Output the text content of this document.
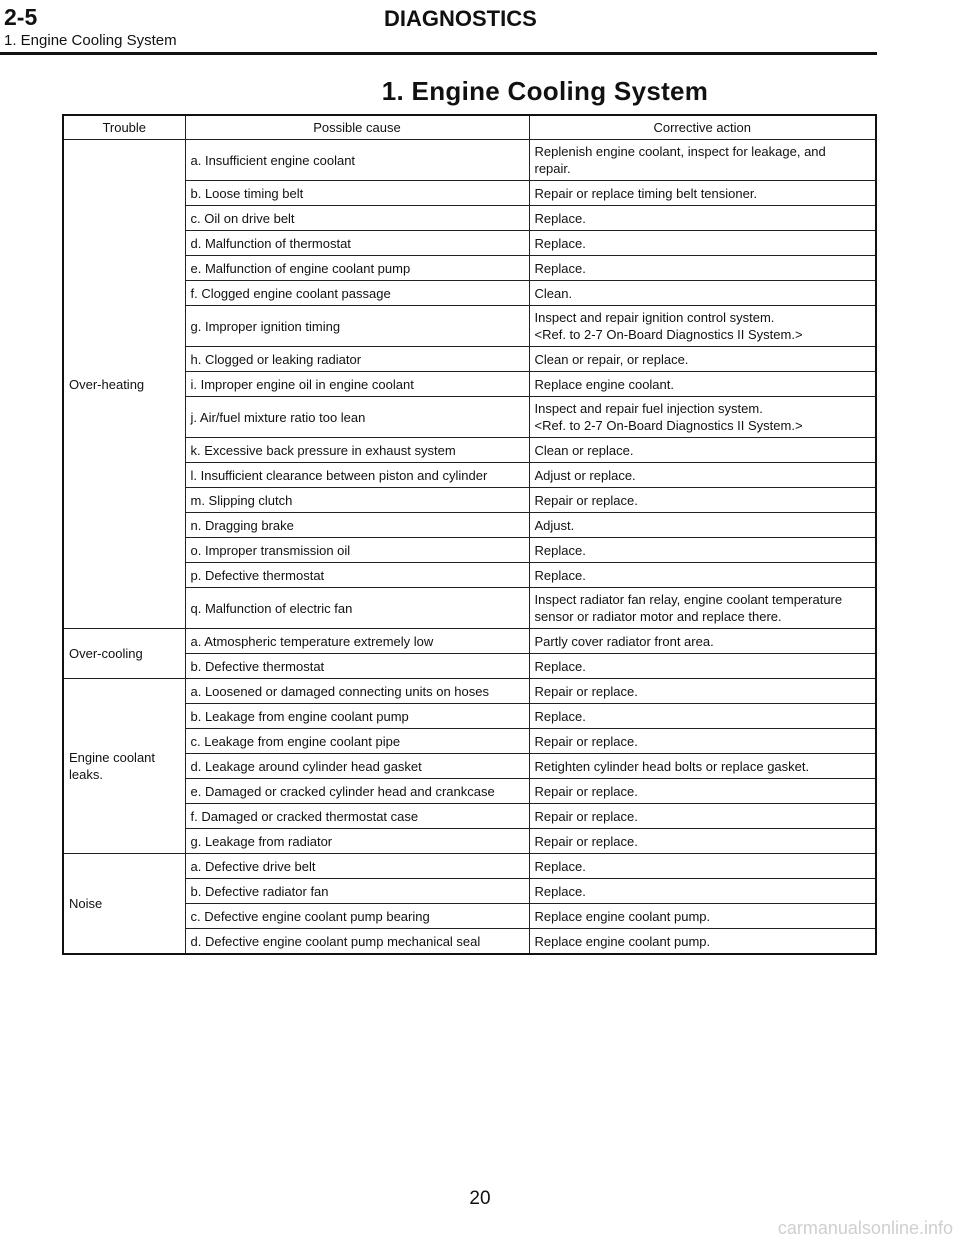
2-5	DIAGNOSTICS
1. Engine Cooling System
1. Engine Cooling System
Trouble	Possible cause	Corrective action
Over-heating	a. Insufficient engine coolant	Replenish engine coolant, inspect for leakage, and
repair.

	b. Loose timing belt	Repair or replace timing belt tensioner.

	c. Oil on drive belt	Replace.

	d. Malfunction of thermostat	Replace.

	e. Malfunction of engine coolant pump	Replace.

	f. Clogged engine coolant passage	Clean.

	g. Improper ignition timing	Inspect and repair ignition control system.
<Ref. to 2-7 On-Board Diagnostics II System.>

	h. Clogged or leaking radiator	Clean or repair, or replace.

	i. Improper engine oil in engine coolant	Replace engine coolant.

	j. Air/fuel mixture ratio too lean	Inspect and repair fuel injection system.
<Ref. to 2-7 On-Board Diagnostics II System.>

	k. Excessive back pressure in exhaust system	Clean or replace.

	l. Insufficient clearance between piston and cylinder	Adjust or replace.

	m. Slipping clutch	Repair or replace.

	n. Dragging brake	Adjust.

	o. Improper transmission oil	Replace.

	p. Defective thermostat	Replace.

	q. Malfunction of electric fan	Inspect radiator fan relay, engine coolant temperature
sensor or radiator motor and replace there.

Over-cooling	a. Atmospheric temperature extremely low	Partly cover radiator front area.

	b. Defective thermostat	Replace.

Engine coolant leaks.	a. Loosened or damaged connecting units on hoses	Repair or replace.

	b. Leakage from engine coolant pump	Replace.

	c. Leakage from engine coolant pipe	Repair or replace.

	d. Leakage around cylinder head gasket	Retighten cylinder head bolts or replace gasket.

	e. Damaged or cracked cylinder head and crankcase	Repair or replace.

	f. Damaged or cracked thermostat case	Repair or replace.

	g. Leakage from radiator	Repair or replace.

Noise	a. Defective drive belt	Replace.

	b. Defective radiator fan	Replace.

	c. Defective engine coolant pump bearing	Replace engine coolant pump.

	d. Defective engine coolant pump mechanical seal	Replace engine coolant pump.
20
carmanualsonline.info
